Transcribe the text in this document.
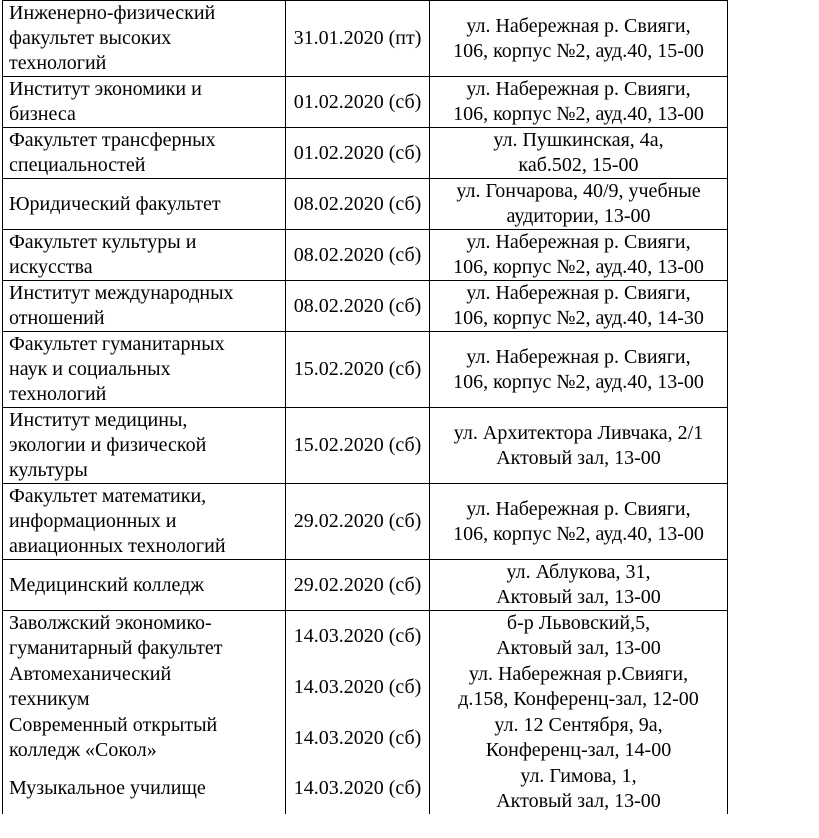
Инженерно-физический
факультет высоких
технологий	31.01.2020 (пт)	ул. Набережная р. Свияги,
106, корпус №2, ауд.40, 15-00
Институт экономики и
бизнеса	01.02.2020 (сб)	ул. Набережная р. Свияги,
106, корпус №2, ауд.40, 13-00
Факультет трансферных
специальностей	01.02.2020 (сб)	ул. Пушкинская, 4а,
каб.502, 15-00
Юридический факультет	08.02.2020 (сб)	ул. Гончарова, 40/9, учебные
аудитории, 13-00
Факультет культуры и
искусства	08.02.2020 (сб)	ул. Набережная р. Свияги,
106, корпус №2, ауд.40, 13-00
Институт международных
отношений	08.02.2020 (сб)	ул. Набережная р. Свияги,
106, корпус №2, ауд.40, 14-30
Факультет гуманитарных
наук и социальных
технологий	15.02.2020 (сб)	ул. Набережная р. Свияги,
106, корпус №2, ауд.40, 13-00
Институт медицины,
экологии и физической
культуры	15.02.2020 (сб)	ул. Архитектора Ливчака, 2/1
Актовый зал, 13-00
Факультет математики,
информационных и
авиационных технологий	29.02.2020 (сб)	ул. Набережная р. Свияги,
106, корпус №2, ауд.40, 13-00
Медицинский колледж	29.02.2020 (сб)	ул. Аблукова, 31,
Актовый зал, 13-00
Заволжский экономико-
гуманитарный факультет	14.03.2020 (сб)	б-р Львовский,5,
Актовый зал, 13-00
Автомеханический
техникум	14.03.2020 (сб)	ул. Набережная р.Свияги,
д.158, Конференц-зал, 12-00
Современный открытый
колледж «Сокол»	14.03.2020 (сб)	ул. 12 Сентября, 9а,
Конференц-зал, 14-00
Музыкальное училище	14.03.2020 (сб)	ул. Гимова, 1,
Актовый зал, 13-00
